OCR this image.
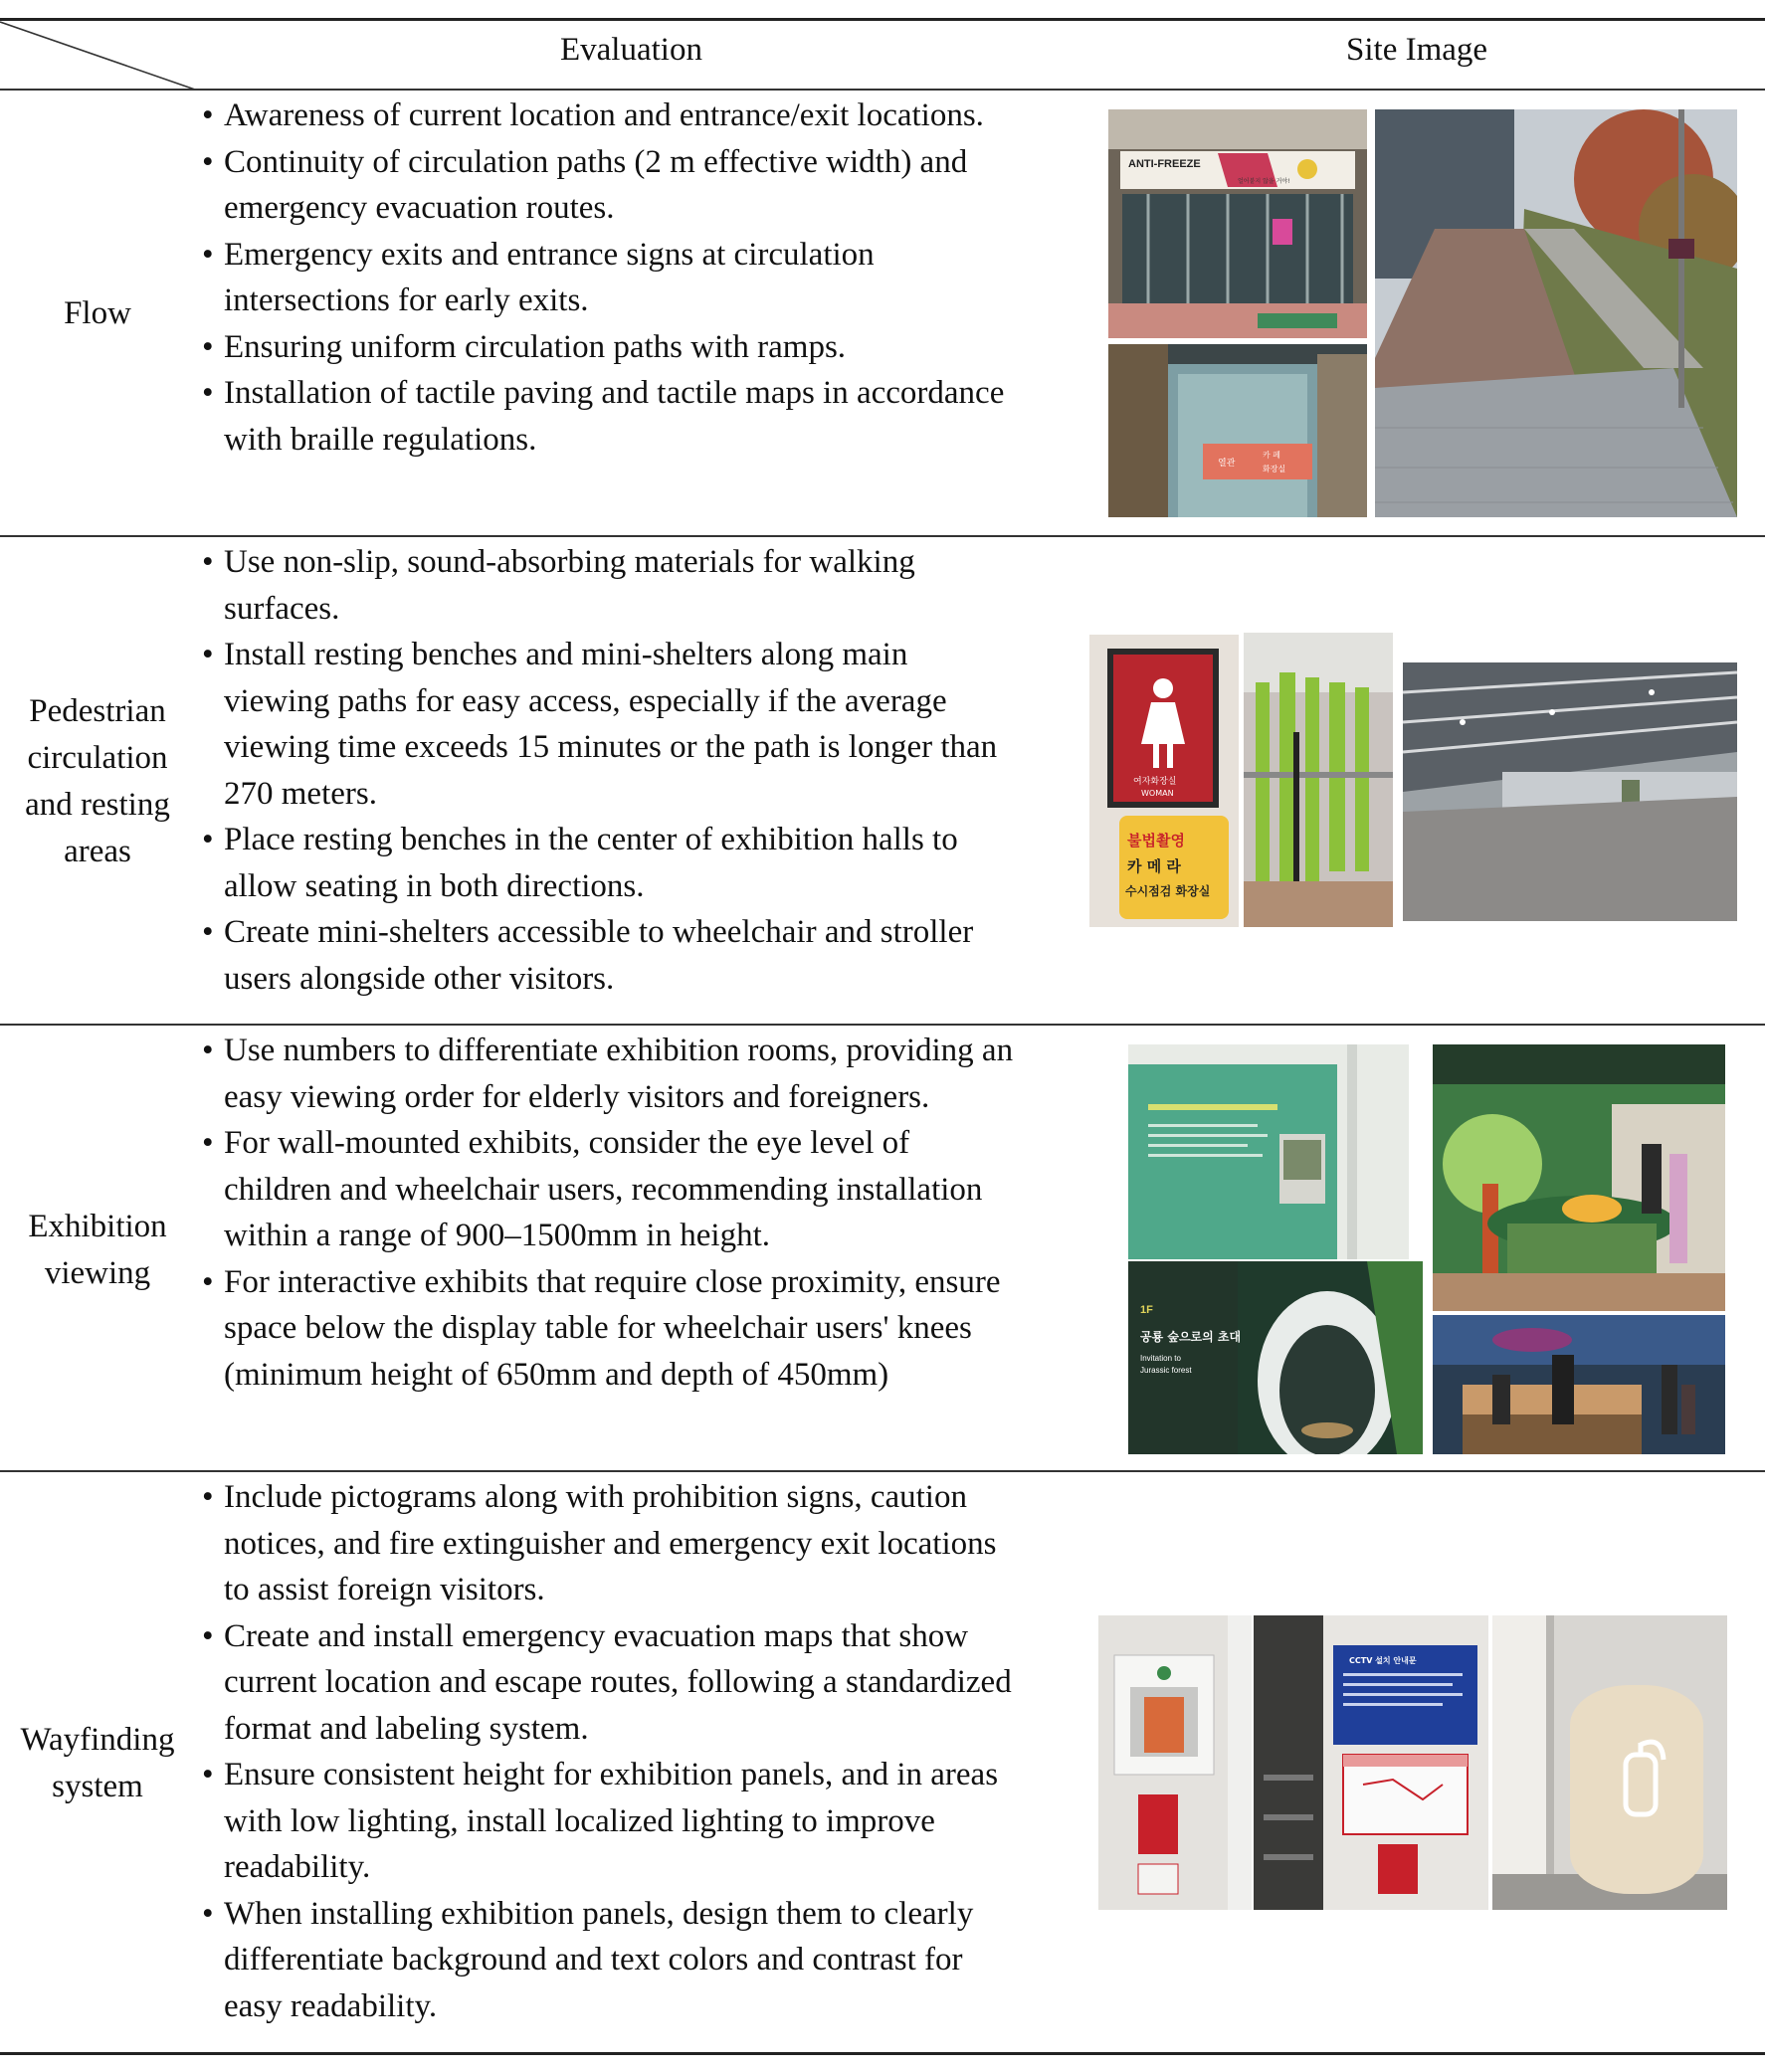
Evaluation	Site Image
Flow
• Awareness of current location and entrance/exit locations.
• Continuity of circulation paths (2 m effective width) and
emergency evacuation routes.
• Emergency exits and entrance signs at circulation
intersections for early exits.
• Ensuring uniform circulation paths with ramps.
• Installation of tactile paving and tactile maps in accordance
with braille regulations.
ANTI-FREEZE
얼어붙지 않을 거야!
열관
카 페
화장실
Pedestrian
circulation
and resting
areas
• Use non-slip, sound-absorbing materials for walking
surfaces.
• Install resting benches and mini-shelters along main
viewing paths for easy access, especially if the average
viewing time exceeds 15 minutes or the path is longer than
270 meters.
• Place resting benches in the center of exhibition halls to
allow seating in both directions.
• Create mini-shelters accessible to wheelchair and stroller
users alongside other visitors.
여자화장실
WOMAN
불법촬영
카 메 라
수시점검 화장실
Exhibition
viewing
• Use numbers to differentiate exhibition rooms, providing an
easy viewing order for elderly visitors and foreigners.
• For wall-mounted exhibits, consider the eye level of
children and wheelchair users, recommending installation
within a range of 900–1500mm in height.
• For interactive exhibits that require close proximity, ensure
space below the display table for wheelchair users' knees
(minimum height of 650mm and depth of 450mm)
1F
공룡 숲으로의 초대
Invitation to
Jurassic forest
Wayfinding
system
• Include pictograms along with prohibition signs, caution
notices, and fire extinguisher and emergency exit locations
to assist foreign visitors.
• Create and install emergency evacuation maps that show
current location and escape routes, following a standardized
format and labeling system.
• Ensure consistent height for exhibition panels, and in areas
with low lighting, install localized lighting to improve
readability.
• When installing exhibition panels, design them to clearly
differentiate background and text colors and contrast for
easy readability.
CCTV 설치 안내문
